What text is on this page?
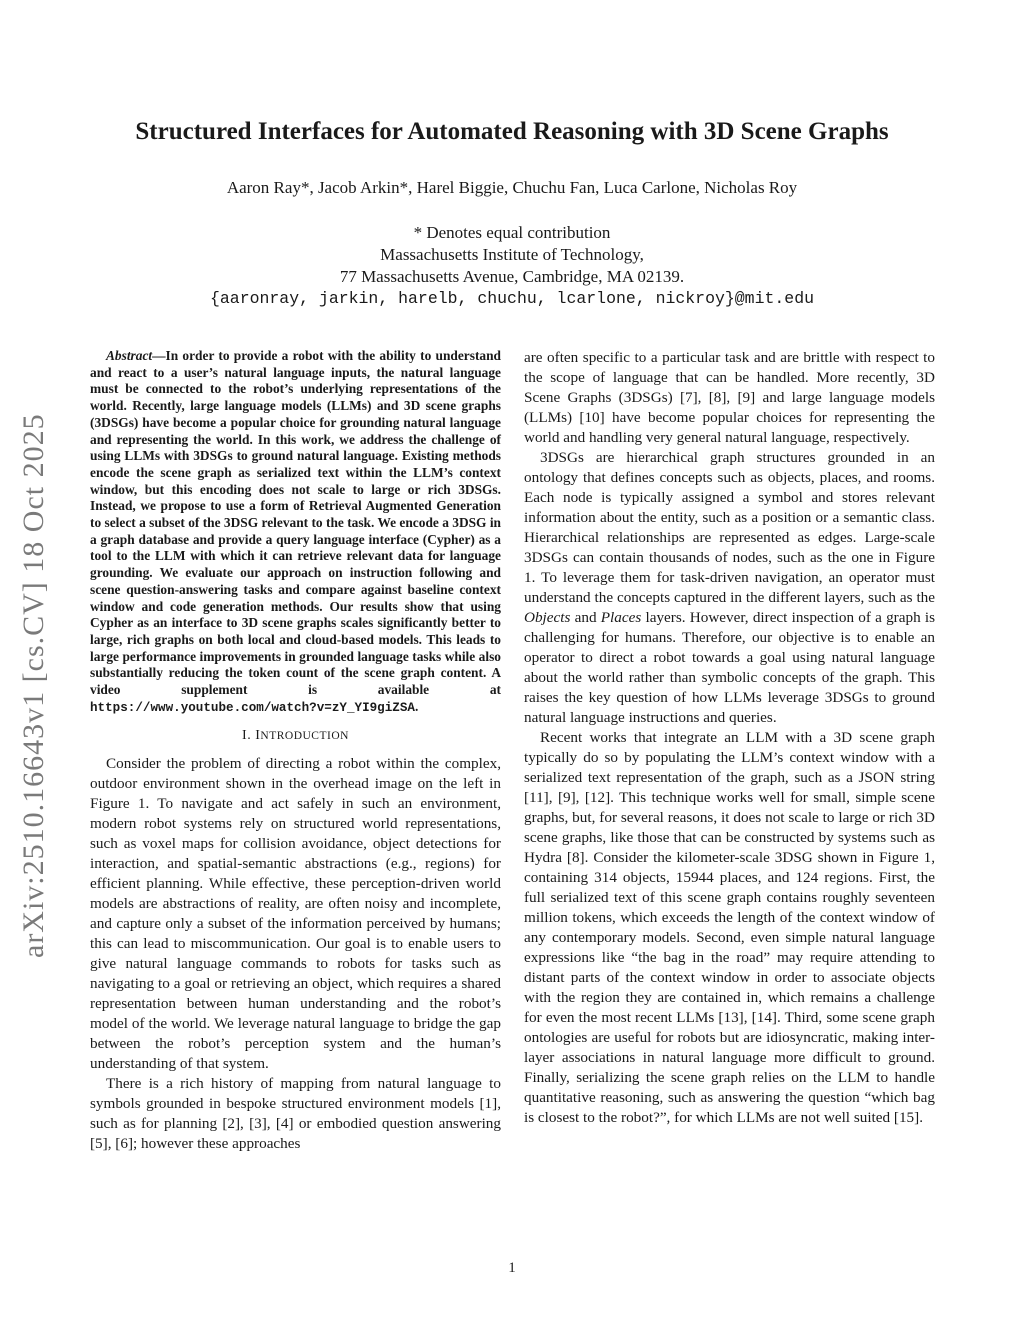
arXiv:2510.16643v1 [cs.CV] 18 Oct 2025
Structured Interfaces for Automated Reasoning with 3D Scene Graphs
Aaron Ray*, Jacob Arkin*, Harel Biggie, Chuchu Fan, Luca Carlone, Nicholas Roy
* Denotes equal contribution
Massachusetts Institute of Technology,
77 Massachusetts Avenue, Cambridge, MA 02139.
{aaronray, jarkin, harelb, chuchu, lcarlone, nickroy}@mit.edu

Abstract—In order to provide a robot with the ability to understand and react to a user’s natural language inputs, the natural language must be connected to the robot’s underlying representations of the world. Recently, large language models (LLMs) and 3D scene graphs (3DSGs) have become a popular choice for grounding natural language and representing the world. In this work, we address the challenge of using LLMs with 3DSGs to ground natural language. Existing methods encode the scene graph as serialized text within the LLM’s context window, but this encoding does not scale to large or rich 3DSGs. Instead, we propose to use a form of Retrieval Augmented Generation to select a subset of the 3DSG relevant to the task. We encode a 3DSG in a graph database and provide a query language interface (Cypher) as a tool to the LLM with which it can retrieve relevant data for language grounding. We evaluate our approach on instruction following and scene question-answering tasks and compare against baseline context window and code generation methods. Our results show that using Cypher as an interface to 3D scene graphs scales significantly better to large, rich graphs on both local and cloud-based models. This leads to large performance improvements in grounded language tasks while also substantially reducing the token count of the scene graph content. A video supplement is available at https://www.youtube.com/watch?v=zY_YI9giZSA.

I. INTRODUCTION

Consider the problem of directing a robot within the complex, outdoor environment shown in the overhead image on the left in Figure 1. To navigate and act safely in such an environment, modern robot systems rely on structured world representations, such as voxel maps for collision avoidance, object detections for interaction, and spatial-semantic abstractions (e.g., regions) for efficient planning. While effective, these perception-driven world models are abstractions of reality, are often noisy and incomplete, and capture only a subset of the information perceived by humans; this can lead to miscommunication. Our goal is to enable users to give natural language commands to robots for tasks such as navigating to a goal or retrieving an object, which requires a shared representation between human understanding and the robot’s model of the world. We leverage natural language to bridge the gap between the robot’s perception system and the human’s understanding of that system.

There is a rich history of mapping from natural language to symbols grounded in bespoke structured environment models [1], such as for planning [2], [3], [4] or embodied question answering [5], [6]; however these approaches

are often specific to a particular task and are brittle with respect to the scope of language that can be handled. More recently, 3D Scene Graphs (3DSGs) [7], [8], [9] and large language models (LLMs) [10] have become popular choices for representing the world and handling very general natural language, respectively.

3DSGs are hierarchical graph structures grounded in an ontology that defines concepts such as objects, places, and rooms. Each node is typically assigned a symbol and stores relevant information about the entity, such as a position or a semantic class. Hierarchical relationships are represented as edges. Large-scale 3DSGs can contain thousands of nodes, such as the one in Figure 1. To leverage them for task-driven navigation, an operator must understand the concepts captured in the different layers, such as the Objects and Places layers. However, direct inspection of a graph is challenging for humans. Therefore, our objective is to enable an operator to direct a robot towards a goal using natural language about the world rather than symbolic concepts of the graph. This raises the key question of how LLMs leverage 3DSGs to ground natural language instructions and queries.

Recent works that integrate an LLM with a 3D scene graph typically do so by populating the LLM’s context window with a serialized text representation of the graph, such as a JSON string [11], [9], [12]. This technique works well for small, simple scene graphs, but, for several reasons, it does not scale to large or rich 3D scene graphs, like those that can be constructed by systems such as Hydra [8]. Consider the kilometer-scale 3DSG shown in Figure 1, containing 314 objects, 15944 places, and 124 regions. First, the full serialized text of this scene graph contains roughly seventeen million tokens, which exceeds the length of the context window of any contemporary models. Second, even simple natural language expressions like “the bag in the road” may require attending to distant parts of the context window in order to associate objects with the region they are contained in, which remains a challenge for even the most recent LLMs [13], [14]. Third, some scene graph ontologies are useful for robots but are idiosyncratic, making inter-layer associations in natural language more difficult to ground. Finally, serializing the scene graph relies on the LLM to handle quantitative reasoning, such as answering the question “which bag is closest to the robot?”, for which LLMs are not well suited [15].

1
